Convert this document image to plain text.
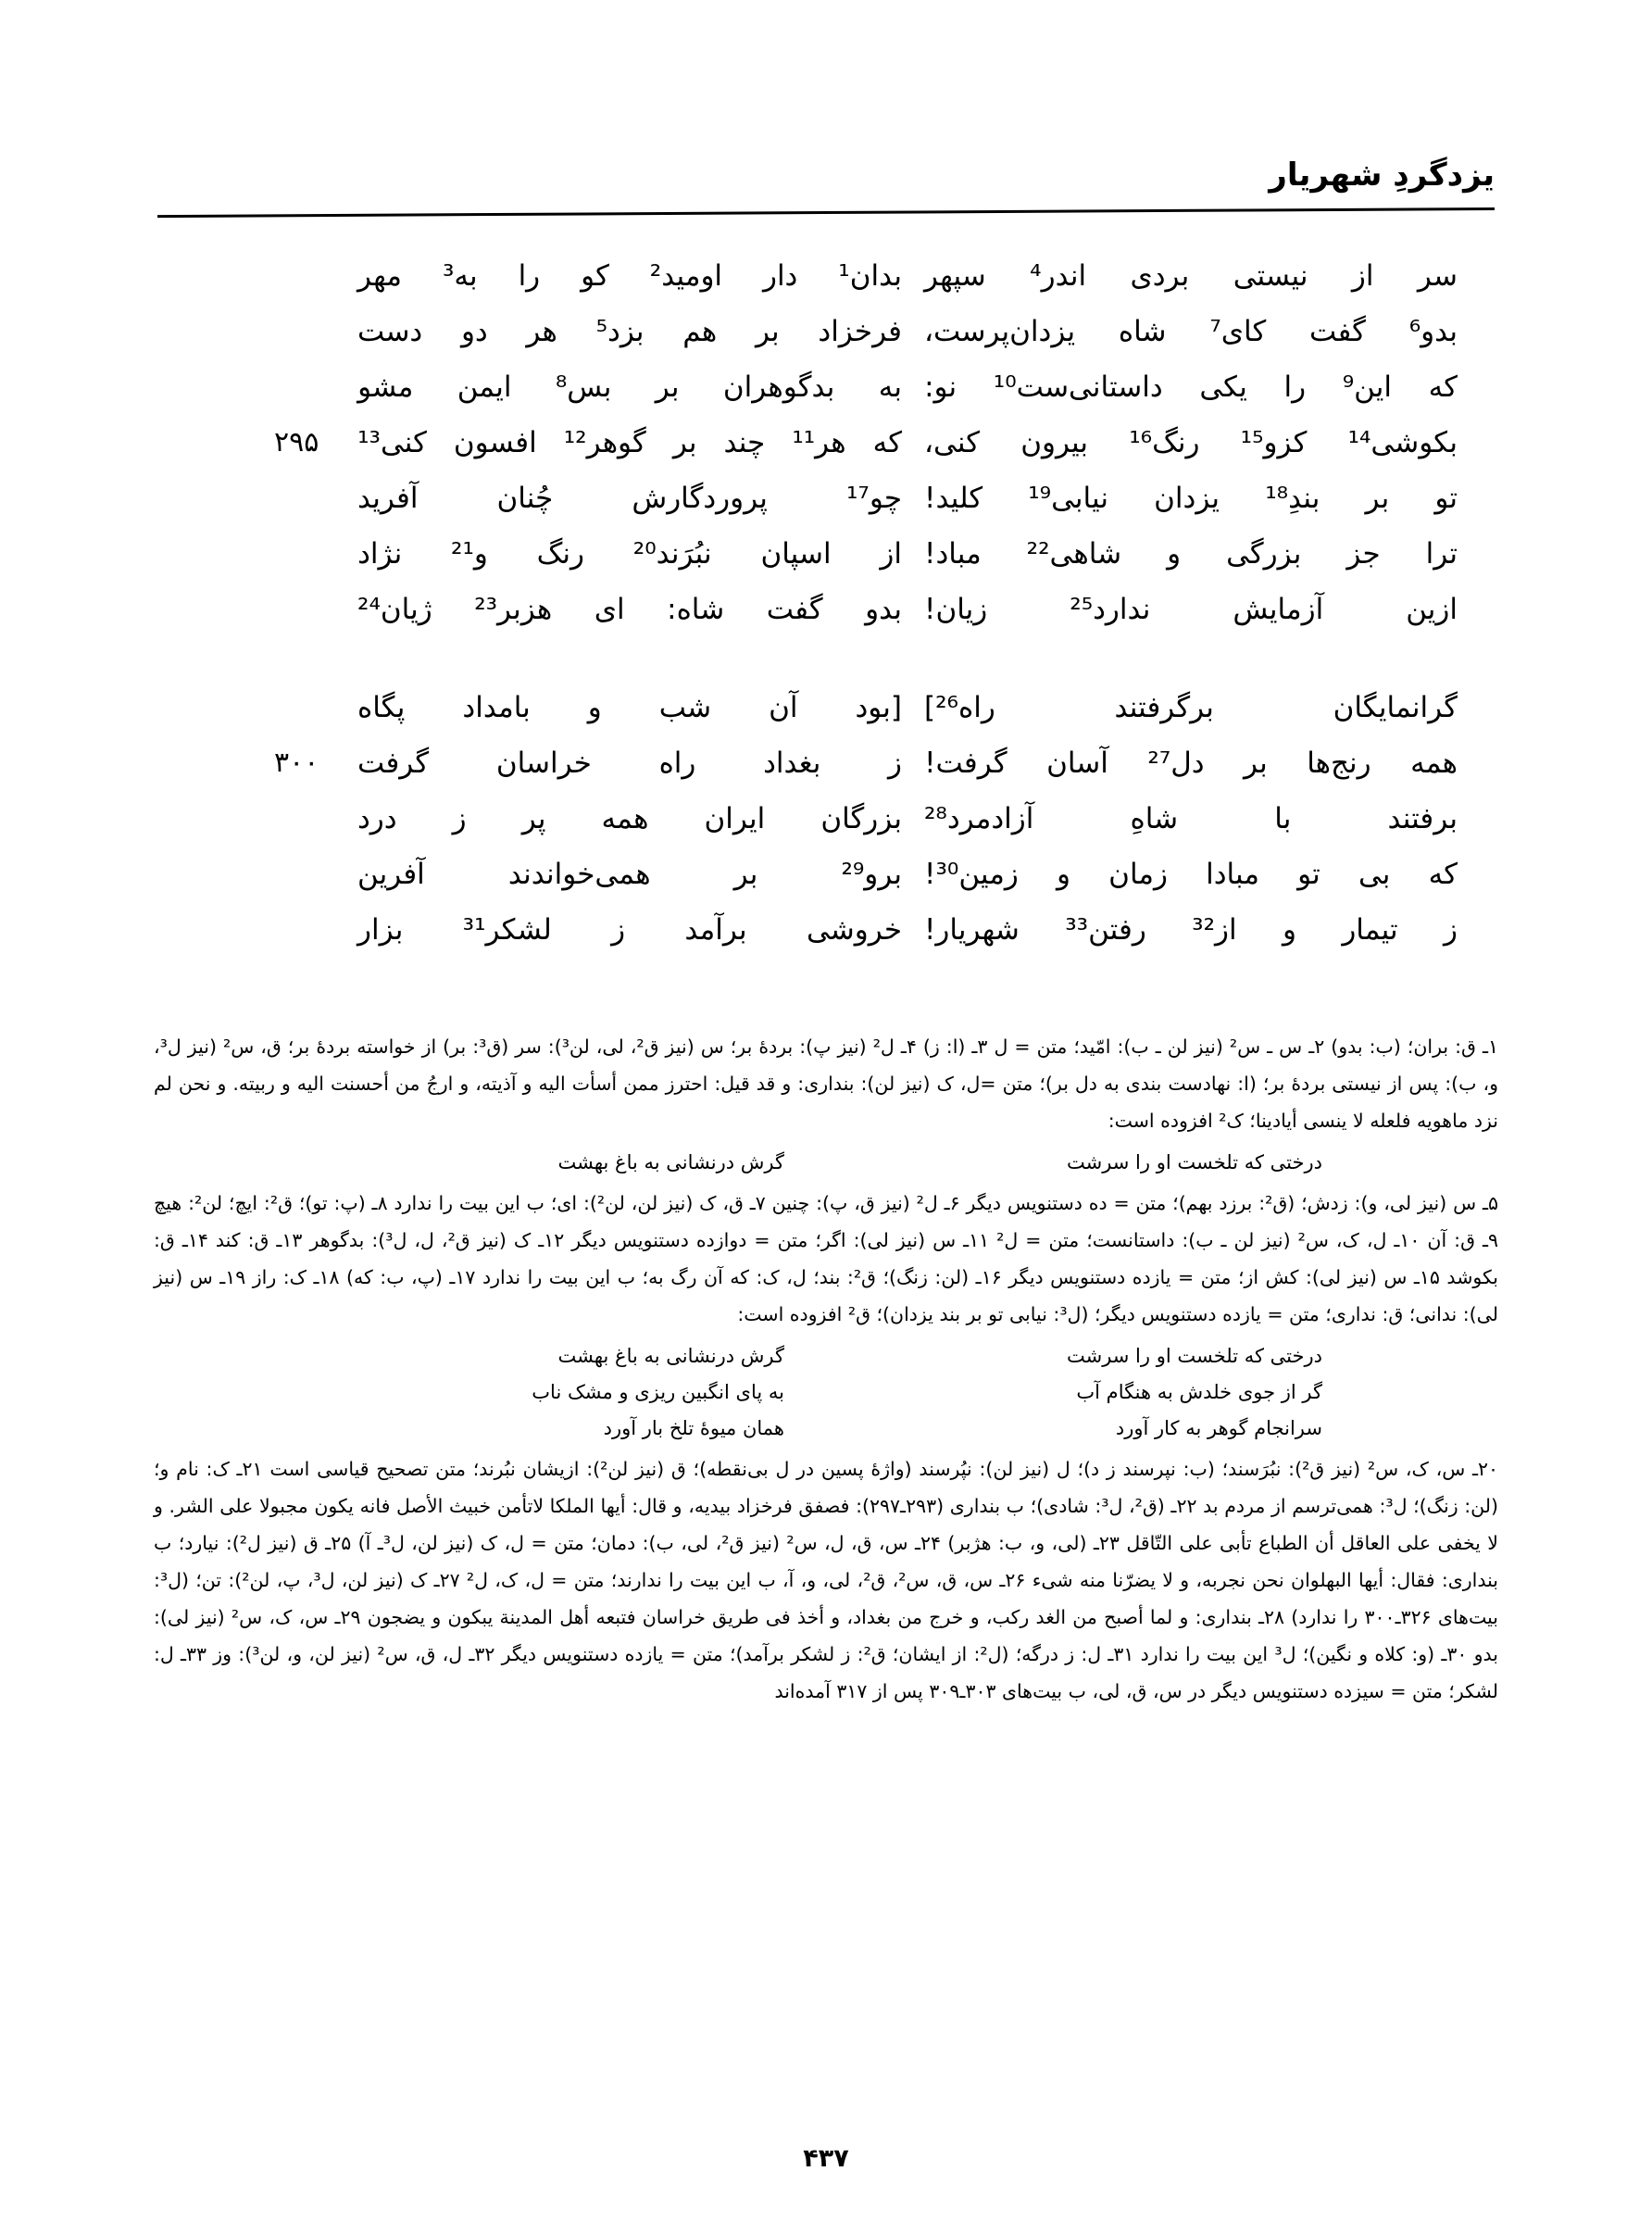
یزدگردِ شهریار
سر
از
نیستی
بردی
اندر⁴
سپهر
بدان¹
دار
اومید²
کو
را
به³
مهر
بدو⁶
گفت
کای⁷
شاه
یزدان‌پرست،
فرخزاد
بر
هم
بزد⁵
هر
دو
دست
که
این⁹
را
یکی
داستانی‌ست¹⁰
نو:
به
بدگوهران
بر
بس⁸
ایمن
مشو
بکوشی¹⁴
کزو¹⁵
رنگ¹⁶
بیرون
کنی،
که
هر¹¹
چند
بر
گوهر¹²
افسون
کنی¹³
۲۹۵
تو
بر
بندِ¹⁸
یزدان
نیابی¹⁹
کلید!
چو¹⁷
پروردگارش
چُنان
آفرید
ترا
جز
بزرگی
و
شاهی²²
مباد!
از
اسپان
نبُرَند²⁰
رنگ
و²¹
نژاد
ازین
آزمایش
ندارد²⁵
زیان!
بدو
گفت
شاه:
ای
هزبر²³
ژیان²⁴
گرانمایگان
برگرفتند
راه²⁶]
[بود
آن
شب
و
بامداد
پگاه
همه
رنج‌ها
بر
دل²⁷
آسان
گرفت!
ز
بغداد
راه
خراسان
گرفت
۳۰۰
برفتند
با
شاهِ
آزادمرد²⁸
بزرگان
ایران
همه
پر
ز
درد
که
بی
تو
مبادا
زمان
و
زمین³⁰!
برو²⁹
بر
همی‌خواندند
آفرین
ز
تیمار
و
از³²
رفتن³³
شهریار!
خروشی
برآمد
ز
لشکر³¹
بزار
۱ـ ق: بران؛ (ب: بدو) ۲ـ س ـ س² (نیز لن ـ ب): امّید؛ متن = ل ۳ـ (ا: ز) ۴ـ ل² (نیز پ): بردهٔ بر؛ س (نیز ق²، لی، لن³): سر (ق³: بر) از خواسته بردهٔ بر؛ ق، س² (نیز ل³، و، ب): پس از نیستی بردهٔ بر؛ (ا: نهادست بندی به دل بر)؛ متن =ل، ک (نیز لن): بنداری: و قد قیل: احترز ممن أسأت الیه و آذیته، و ارجُ من أحسنت الیه و ربیته. و نحن لم نزد ماهویه فلعله لا ینسی أیادینا؛ ک² افزوده است:
درختی که تلخست او را سرشت
گرش درنشانی به باغ بهشت
۵ـ س (نیز لی، و): زدش؛ (ق²: برزد بهم)؛ متن = ده دستنویس دیگر ۶ـ ل² (نیز ق، پ): چنین ۷ـ ق، ک (نیز لن، لن²): ای؛ ب این بیت را ندارد ۸ـ (پ: تو)؛ ق²: ایچ؛ لن²: هیچ ۹ـ ق: آن ۱۰ـ ل، ک، س² (نیز لن ـ ب): داستانست؛ متن = ل² ۱۱ـ س (نیز لی): اگر؛ متن = دوازده دستنویس دیگر ۱۲ـ ک (نیز ق²، ل، ل³): بدگوهر ۱۳ـ ق: کند ۱۴ـ ق: بکوشد ۱۵ـ س (نیز لی): کش از؛ متن = یازده دستنویس دیگر ۱۶ـ (لن: زنگ)؛ ق²: بند؛ ل، ک: که آن رگ به؛ ب این بیت را ندارد ۱۷ـ (پ، ب: که) ۱۸ـ ک: راز ۱۹ـ س (نیز لی): ندانی؛ ق: نداری؛ متن = یازده دستنویس دیگر؛ (ل³: نیابی تو بر بند یزدان)؛ ق² افزوده است:
درختی که تلخست او را سرشت
گرش درنشانی به باغ بهشت
گر از جوی خلدش به هنگام آب
به پای انگبین ریزی و مشک ناب
سرانجام گوهر به کار آورد
همان میوهٔ تلخ بار آورد
۲۰ـ س، ک، س² (نیز ق²): نبُرَسند؛ (ب: نپرسند ز د)؛ ل (نیز لن): نپُرسند (واژهٔ پسین در ل بی‌نقطه)؛ ق (نیز لن²): ازیشان نبُرند؛ متن تصحیح قیاسی است ۲۱ـ ک: نام و؛ (لن: زنگ)؛ ل³: همی‌ترسم از مردم بد ۲۲ـ (ق²، ل³: شادی)؛ ب بنداری (۲۹۳ـ۲۹۷): فصفق فرخزاد بیدیه، و قال: أیها الملکا لاتأمن خبیث الأصل فانه یکون مجبولا علی الشر. و لا یخفی علی العاقل أن الطباع تأبی علی التّاقل ۲۳ـ (لی، و، ب: هژبر) ۲۴ـ س، ق، ل، س² (نیز ق²، لی، ب): دمان؛ متن = ل، ک (نیز لن، ل³ـ آ) ۲۵ـ ق (نیز ل²): نیارد؛ ب بنداری: فقال: أیها البهلوان نحن نجربه، و لا یضرّنا منه شیء ۲۶ـ س، ق، س²، ق²، لی، و، آ، ب این بیت را ندارند؛ متن = ل، ک، ل² ۲۷ـ ک (نیز لن، ل³، پ، لن²): تن؛ (ل³: بیت‌های ۳۲۶ـ۳۰۰ را ندارد) ۲۸ـ بنداری: و لما أصبح من الغد رکب، و خرج من بغداد، و أخذ فی طریق خراسان فتبعه أهل المدینة یبکون و یضجون ۲۹ـ س، ک، س² (نیز لی): بدو ۳۰ـ (و: کلاه و نگین)؛ ل³ این بیت را ندارد ۳۱ـ ل: ز درگه؛ (ل²: از ایشان؛ ق²: ز لشکر برآمد)؛ متن = یازده دستنویس دیگر ۳۲ـ ل، ق، س² (نیز لن، و، لن³): وز ۳۳ـ ل: لشکر؛ متن = سیزده دستنویس دیگر در س، ق، لی، ب بیت‌های ۳۰۳ـ۳۰۹ پس از ۳۱۷ آمده‌اند
۴۳۷
